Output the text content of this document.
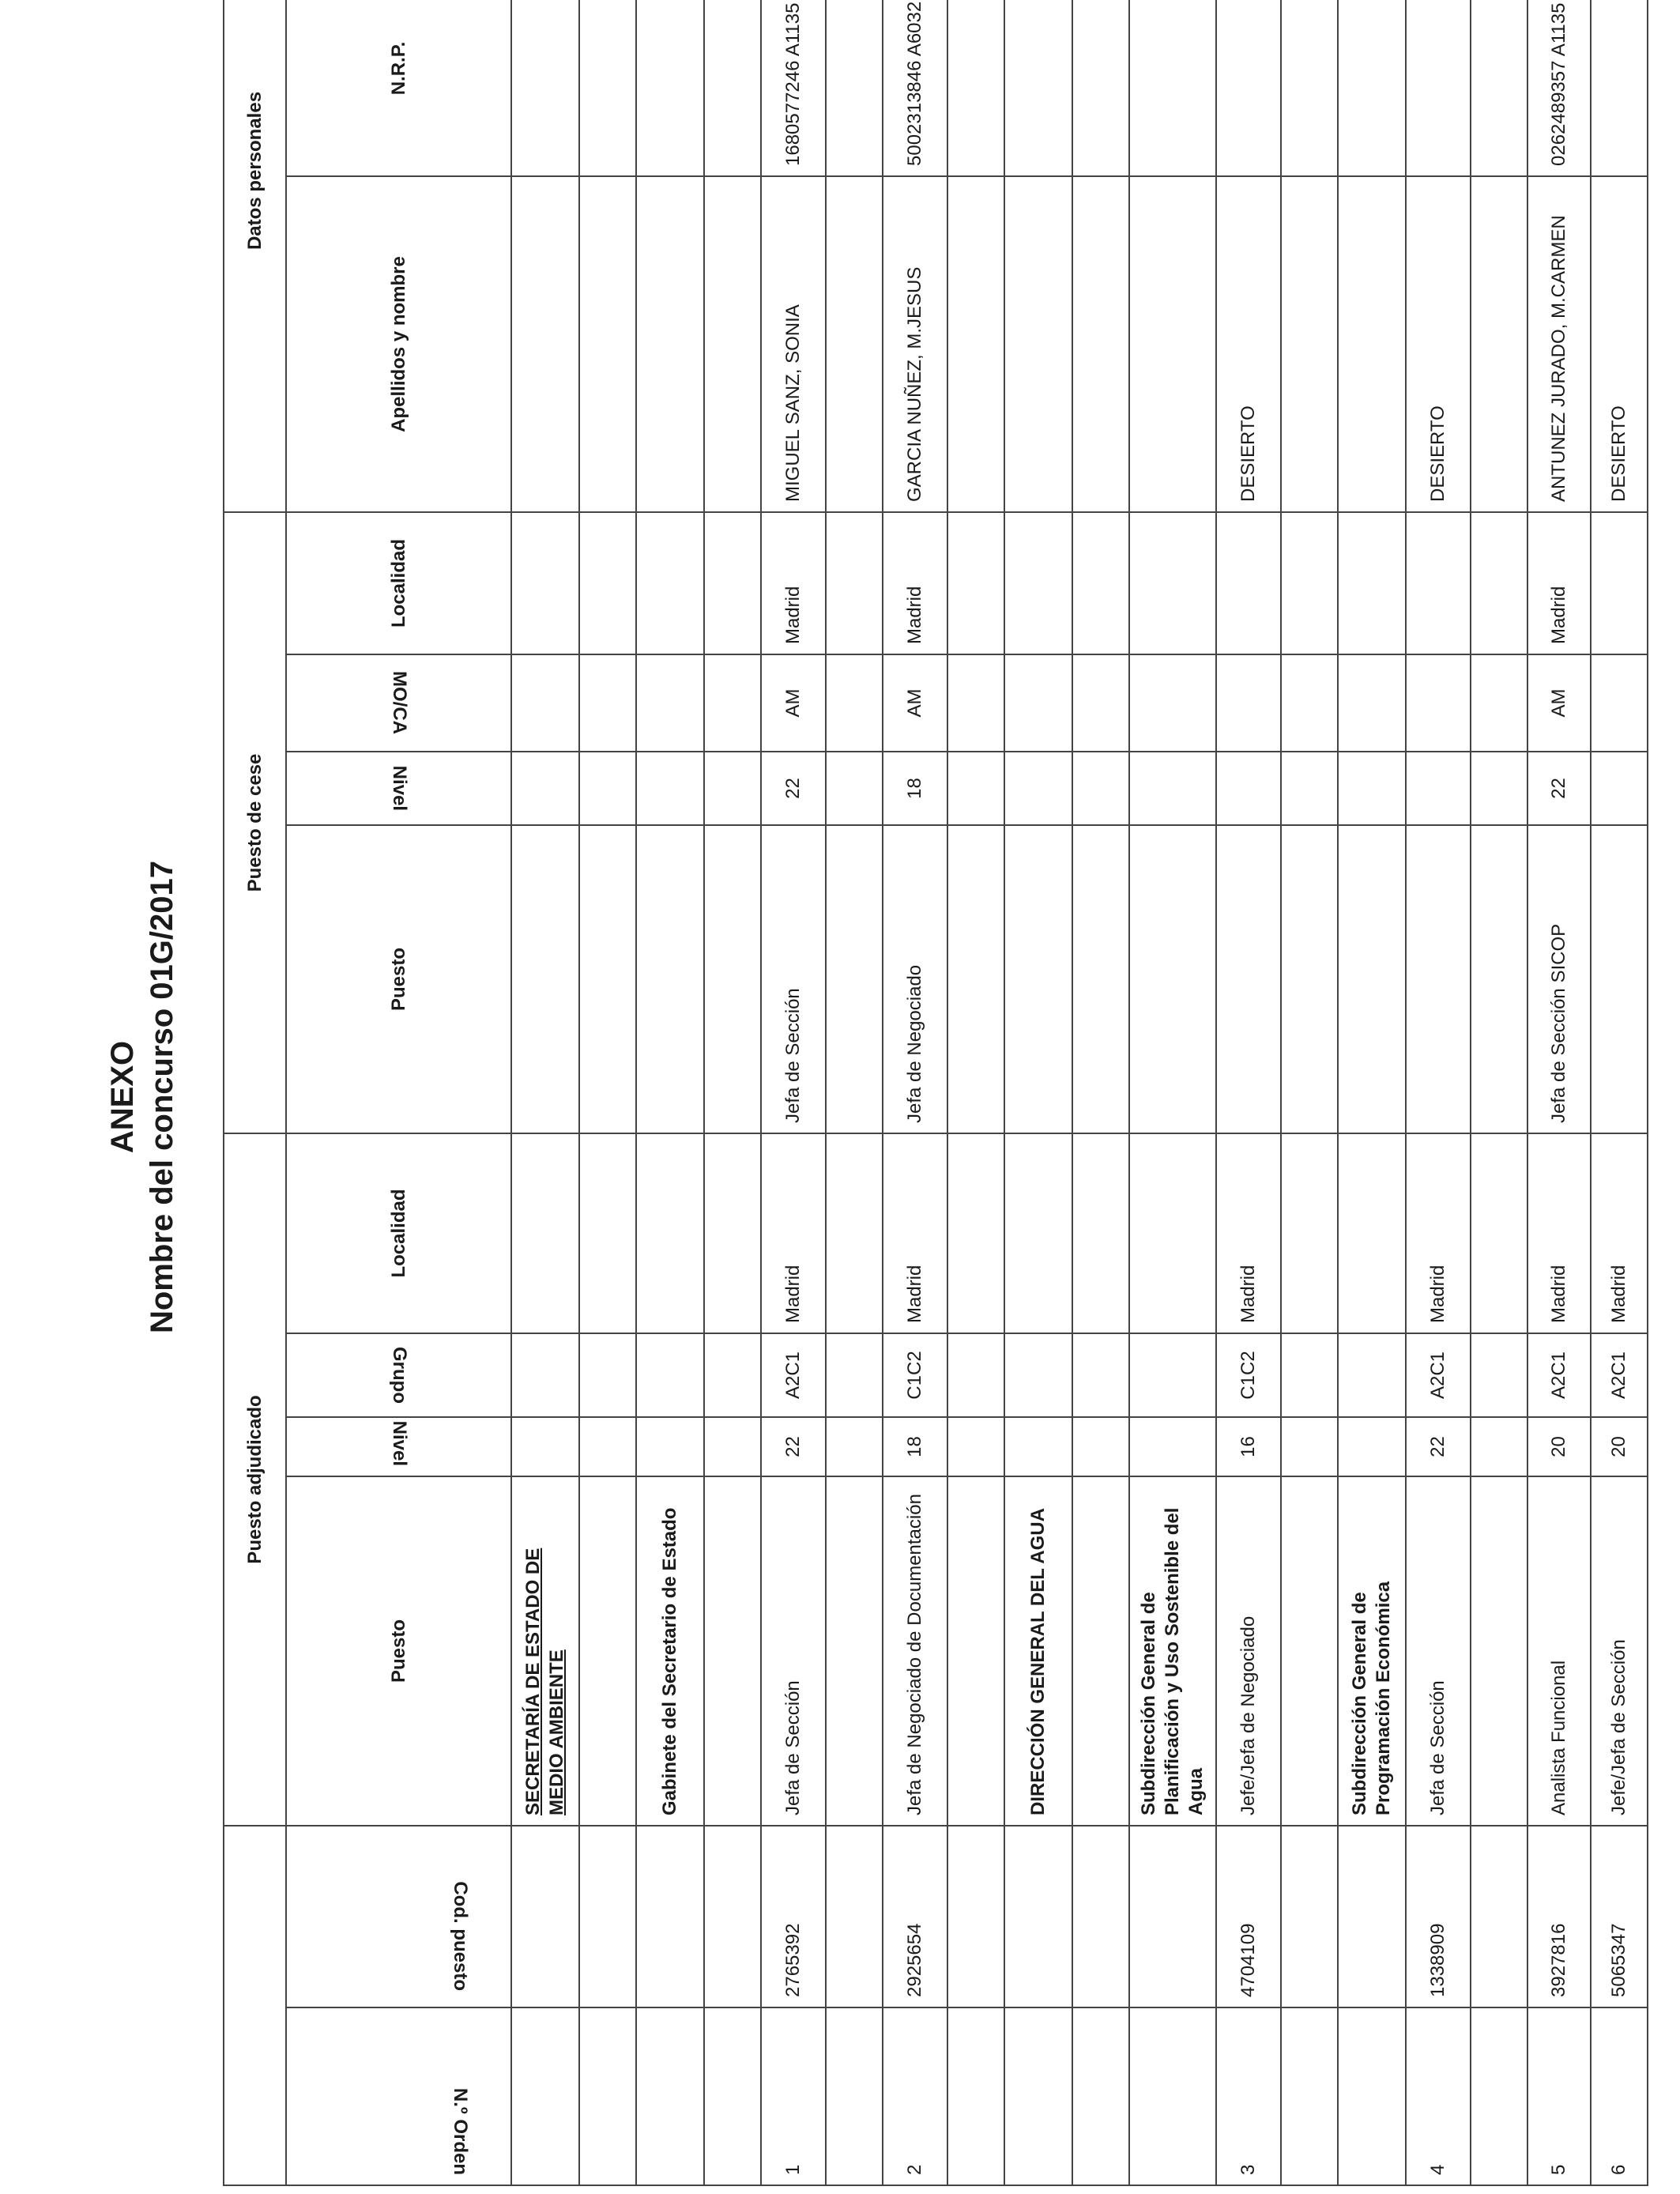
ANEXO Nombre del concurso 01G/2017
		Puesto adjudicado				Puesto de cese				Datos personales			
N.º Orden	Cod. puesto	Puesto	Nivel	Grupo	Localidad	Puesto	Nivel	MO/CA	Localidad	Apellidos y nombre	N.R.P.		

		SECRETARÍA DE ESTADO DE MEDIO AMBIENTE											

		Gabinete del Secretario de Estado											

1	2765392	Jefa de Sección	22	A2C1	Madrid	Jefa de Sección	22	AM	Madrid	MIGUEL SANZ, SONIA	1680577246 A1135		

2	2925654	Jefa de Negociado de Documentación	18	C1C2	Madrid	Jefa de Negociado	18	AM	Madrid	GARCIA NUÑEZ, M.JESUS	5002313846 A6032		

		DIRECCIÓN GENERAL DEL AGUA											

		Subdirección General de Planificación y Uso Sostenible del Agua											

3	4704109	Jefe/Jefa de Negociado	16	C1C2	Madrid					DESIERTO			

		Subdirección General de Programación Económica											

4	1338909	Jefa de Sección	22	A2C1	Madrid					DESIERTO			

5	3927816	Analista Funcional	20	A2C1	Madrid	Jefa de Sección SICOP	22	AM	Madrid	ANTUNEZ JURADO, M.CARMEN	0262489357 A1135		
6	5065347	Jefe/Jefa de Sección	20	A2C1	Madrid					DESIERTO			
